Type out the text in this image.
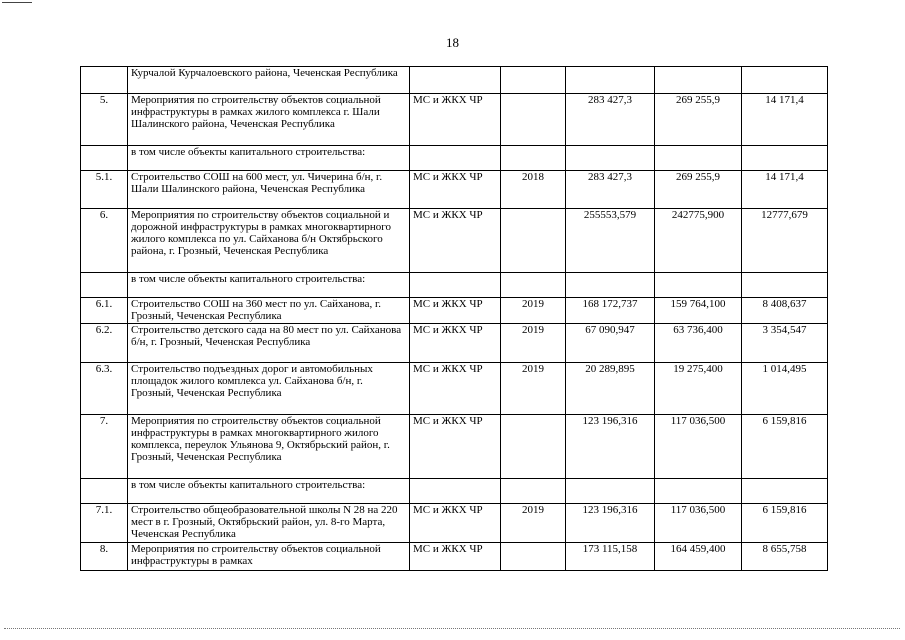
18
	Курчалой Курчалоевского района, Чеченская Республика					
5.	Мероприятия по строительству объектов социальной инфраструктуры в рамках жилого комплекса г. Шали Шалинского района, Чеченская Республика	МС и ЖКХ ЧР		283 427,3	269 255,9	14 171,4
	в том числе объекты капитального строительства:					
5.1.	Строительство СОШ на 600 мест, ул. Чичерина б/н, г. Шали Шалинского района, Чеченская Республика	МС и ЖКХ ЧР	2018	283 427,3	269 255,9	14 171,4
6.	Мероприятия по строительству объектов социальной и дорожной инфраструктуры в рамках многоквартирного жилого комплекса по ул. Сайханова б/н Октябрьского района, г. Грозный, Чеченская Республика	МС и ЖКХ ЧР		255553,579	242775,900	12777,679
	в том числе объекты капитального строительства:					
6.1.	Строительство СОШ на 360 мест по ул. Сайханова, г. Грозный, Чеченская Республика	МС и ЖКХ ЧР	2019	168 172,737	159 764,100	8 408,637
6.2.	Строительство детского сада на 80 мест по ул. Сайханова б/н, г. Грозный, Чеченская Республика	МС и ЖКХ ЧР	2019	67 090,947	63 736,400	3 354,547
6.3.	Строительство подъездных дорог и автомобильных площадок жилого комплекса ул. Сайханова б/н, г. Грозный, Чеченская Республика	МС и ЖКХ ЧР	2019	20 289,895	19 275,400	1 014,495
7.	Мероприятия по строительству объектов социальной инфраструктуры в рамках многоквартирного жилого комплекса, переулок Ульянова 9, Октябрьский район, г. Грозный, Чеченская Республика	МС и ЖКХ ЧР		123 196,316	117 036,500	6 159,816
	в том числе объекты капитального строительства:					
7.1.	Строительство общеобразовательной школы N 28 на 220 мест в г. Грозный, Октябрьский район, ул. 8-го Марта, Чеченская Республика	МС и ЖКХ ЧР	2019	123 196,316	117 036,500	6 159,816
8.	Мероприятия по строительству объектов социальной инфраструктуры в рамках	МС и ЖКХ ЧР		173 115,158	164 459,400	8 655,758
